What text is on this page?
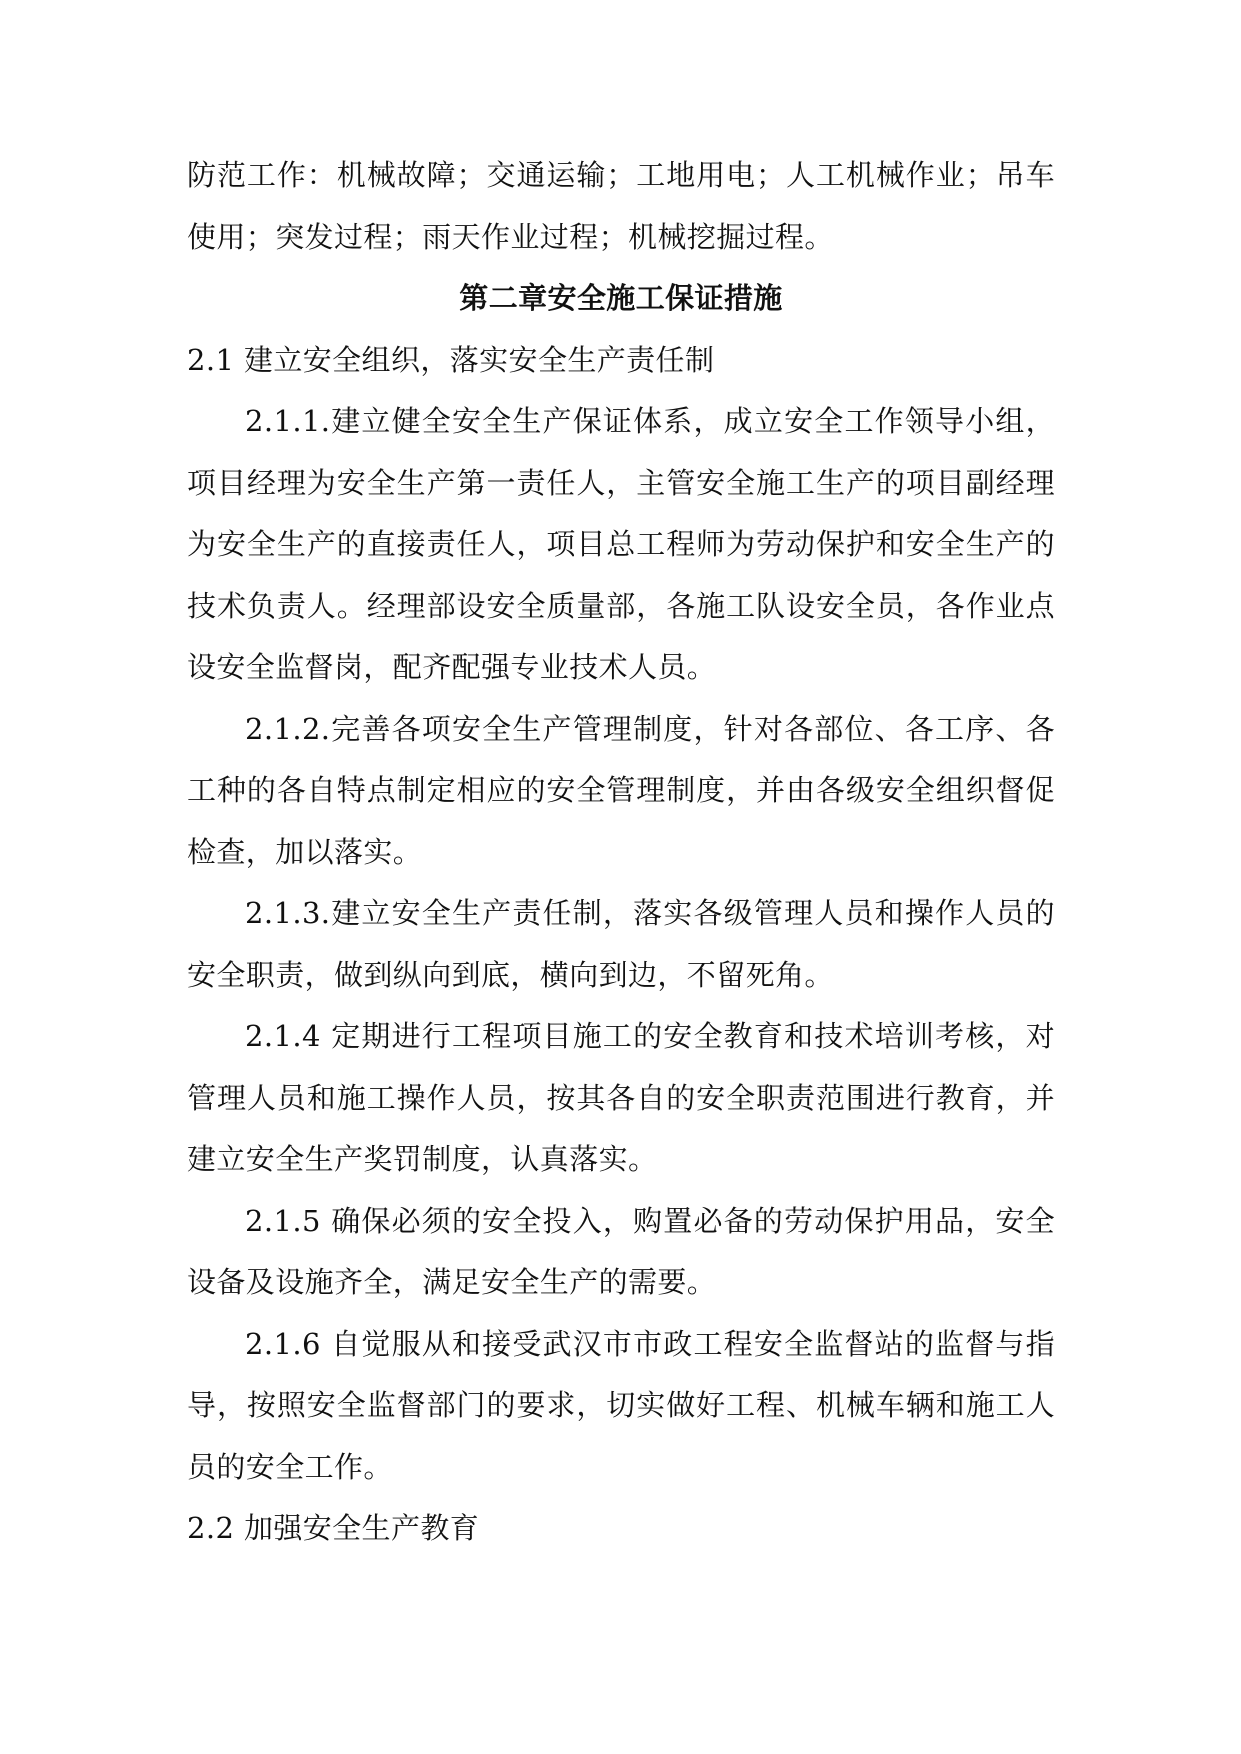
防范工作：机械故障；交通运输；工地用电；人工机械作业；吊车使用；突发过程；雨天作业过程；机械挖掘过程。

第二章安全施工保证措施

2.1 建立安全组织，落实安全生产责任制

2.1.1.建立健全安全生产保证体系，成立安全工作领导小组，项目经理为安全生产第一责任人，主管安全施工生产的项目副经理为安全生产的直接责任人，项目总工程师为劳动保护和安全生产的技术负责人。经理部设安全质量部，各施工队设安全员，各作业点设安全监督岗，配齐配强专业技术人员。

2.1.2.完善各项安全生产管理制度，针对各部位、各工序、各工种的各自特点制定相应的安全管理制度，并由各级安全组织督促检查，加以落实。

2.1.3.建立安全生产责任制，落实各级管理人员和操作人员的安全职责，做到纵向到底，横向到边，不留死角。

2.1.4 定期进行工程项目施工的安全教育和技术培训考核，对管理人员和施工操作人员，按其各自的安全职责范围进行教育，并建立安全生产奖罚制度，认真落实。

2.1.5 确保必须的安全投入，购置必备的劳动保护用品，安全设备及设施齐全，满足安全生产的需要。

2.1.6 自觉服从和接受武汉市市政工程安全监督站的监督与指导，按照安全监督部门的要求，切实做好工程、机械车辆和施工人员的安全工作。

2.2 加强安全生产教育
